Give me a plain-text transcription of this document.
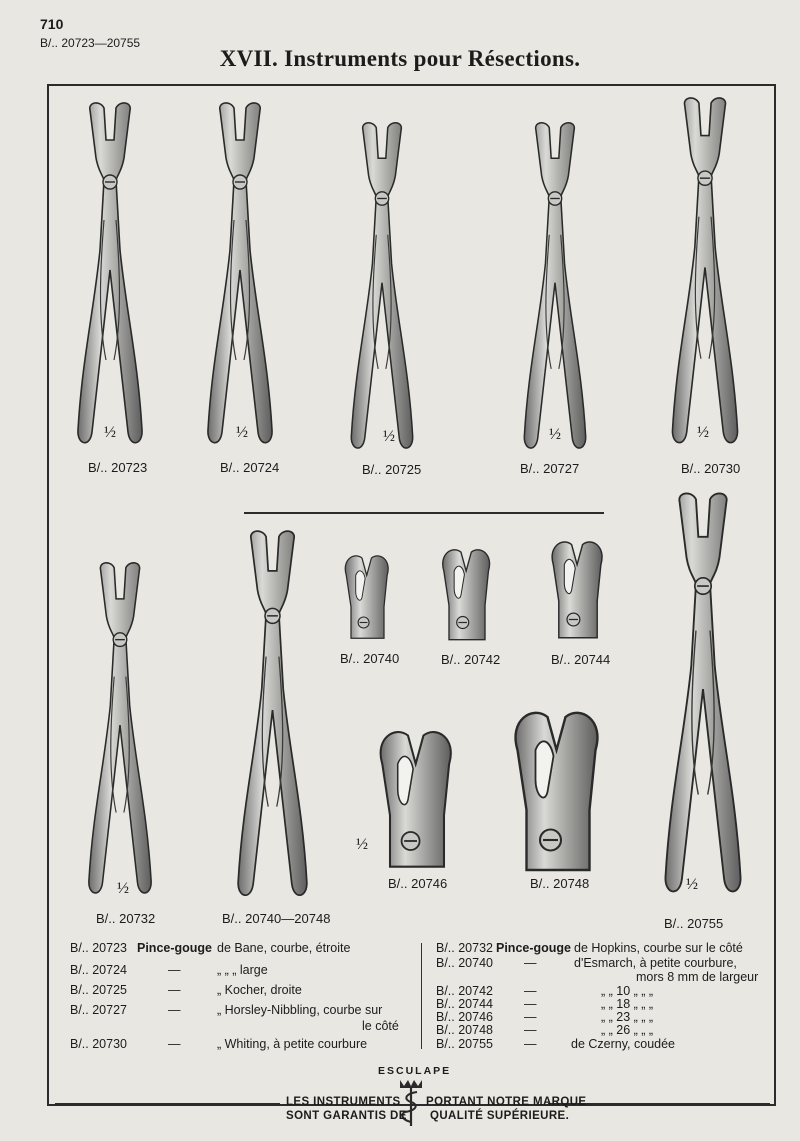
710
B/.. 20723—20755
XVII. Instruments pour Résections.
½	½	½	½	½
B/.. 20723	B/.. 20724	B/.. 20725	B/.. 20727	B/.. 20730
B/.. 20740	B/.. 20742	B/.. 20744
½
B/.. 20746	B/.. 20748
½	½
B/.. 20732	B/.. 20740—20748	B/.. 20755
B/.. 20723 Pince-gouge de Bane, courbe, étroite
B/.. 20724	—	„ „ „ large
B/.. 20725	—	„ Kocher, droite
B/.. 20727	—	„ Horsley-Nibbling, courbe sur
le côté
B/.. 20730	—	„ Whiting, à petite courbure
B/.. 20732 Pince-gouge de Hopkins, courbe sur le côté
B/.. 20740 —	d'Esmarch, à petite courbure,
mors 8 mm de largeur
B/.. 20742 —	„ „ 10 „ „ „
B/.. 20744 —	„ „ 18 „ „ „
B/.. 20746 —	„ „ 23 „ „ „
B/.. 20748 —	„ „ 26 „ „ „
B/.. 20755 —	de Czerny, coudée
ESCULAPE
LES INSTRUMENTS
SONT GARANTIS DE
PORTANT NOTRE MARQUE
QUALITÉ SUPÉRIEURE.
